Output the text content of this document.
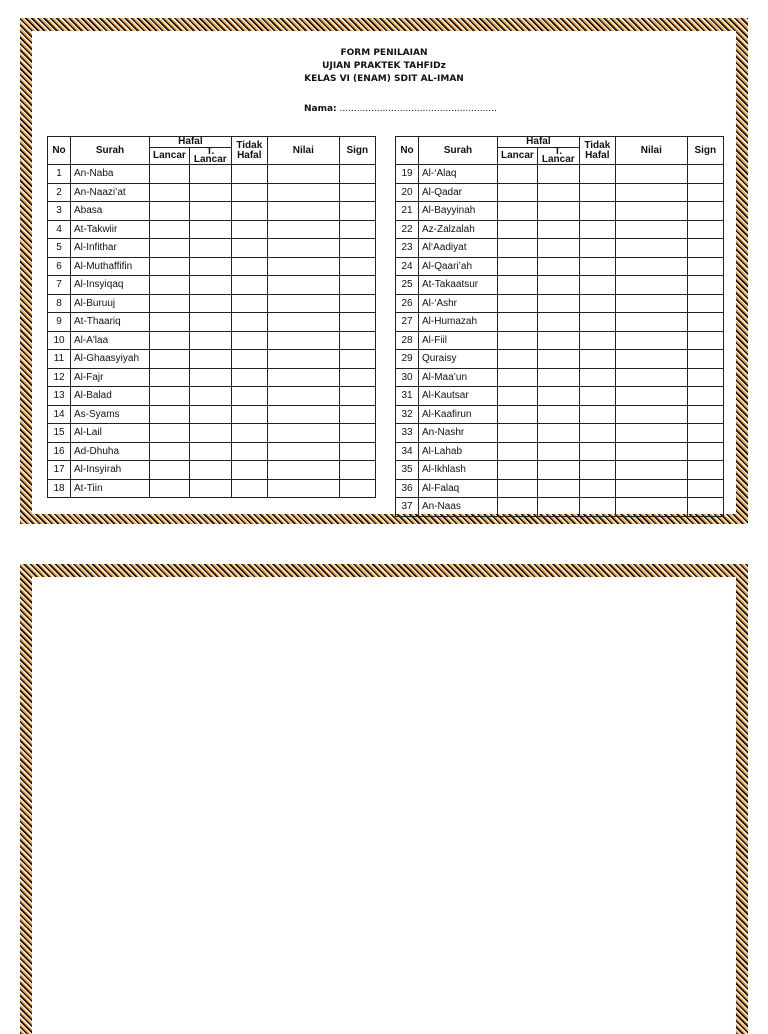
FORM PENILAIAN
UJIAN PRAKTEK TAHFIDz
KELAS VI (ENAM) SDIT AL-IMAN
Nama: .......................................................
No	Surah	Hafal		Tidak Hafal	Nilai	Sign
		Lancar	T. Lancar			
1	An-Naba					
2	An-Naazi’at					
3	Abasa					
4	At-Takwiir					
5	Al-Infithar					
6	Al-Muthaffifin					
7	Al-Insyiqaq					
8	Al-Buruuj					
9	At-Thaariq					
10	Al-A'laa					
11	Al-Ghaasyiyah					
12	Al-Fajr					
13	Al-Balad					
14	As-Syams					
15	Al-Lail					
16	Ad-Dhuha					
17	Al-Insyirah					
18	At-Tiin					
No	Surah	Hafal		Tidak Hafal	Nilai	Sign
		Lancar	T. Lancar			
19	Al-‘Alaq					
20	Al-Qadar					
21	Al-Bayyinah					
22	Az-Zalzalah					
23	Al‘Aadiyat					
24	Al-Qaari’ah					
25	At-Takaatsur					
26	Al-‘Ashr					
27	Al-Humazah					
28	Al-Fiil					
29	Quraisy					
30	Al-Maa’un					
31	Al-Kautsar					
32	Al-Kaafirun					
33	An-Nashr					
34	Al-Lahab					
35	Al-Ikhlash					
36	Al-Falaq					
37	An-Naas					
